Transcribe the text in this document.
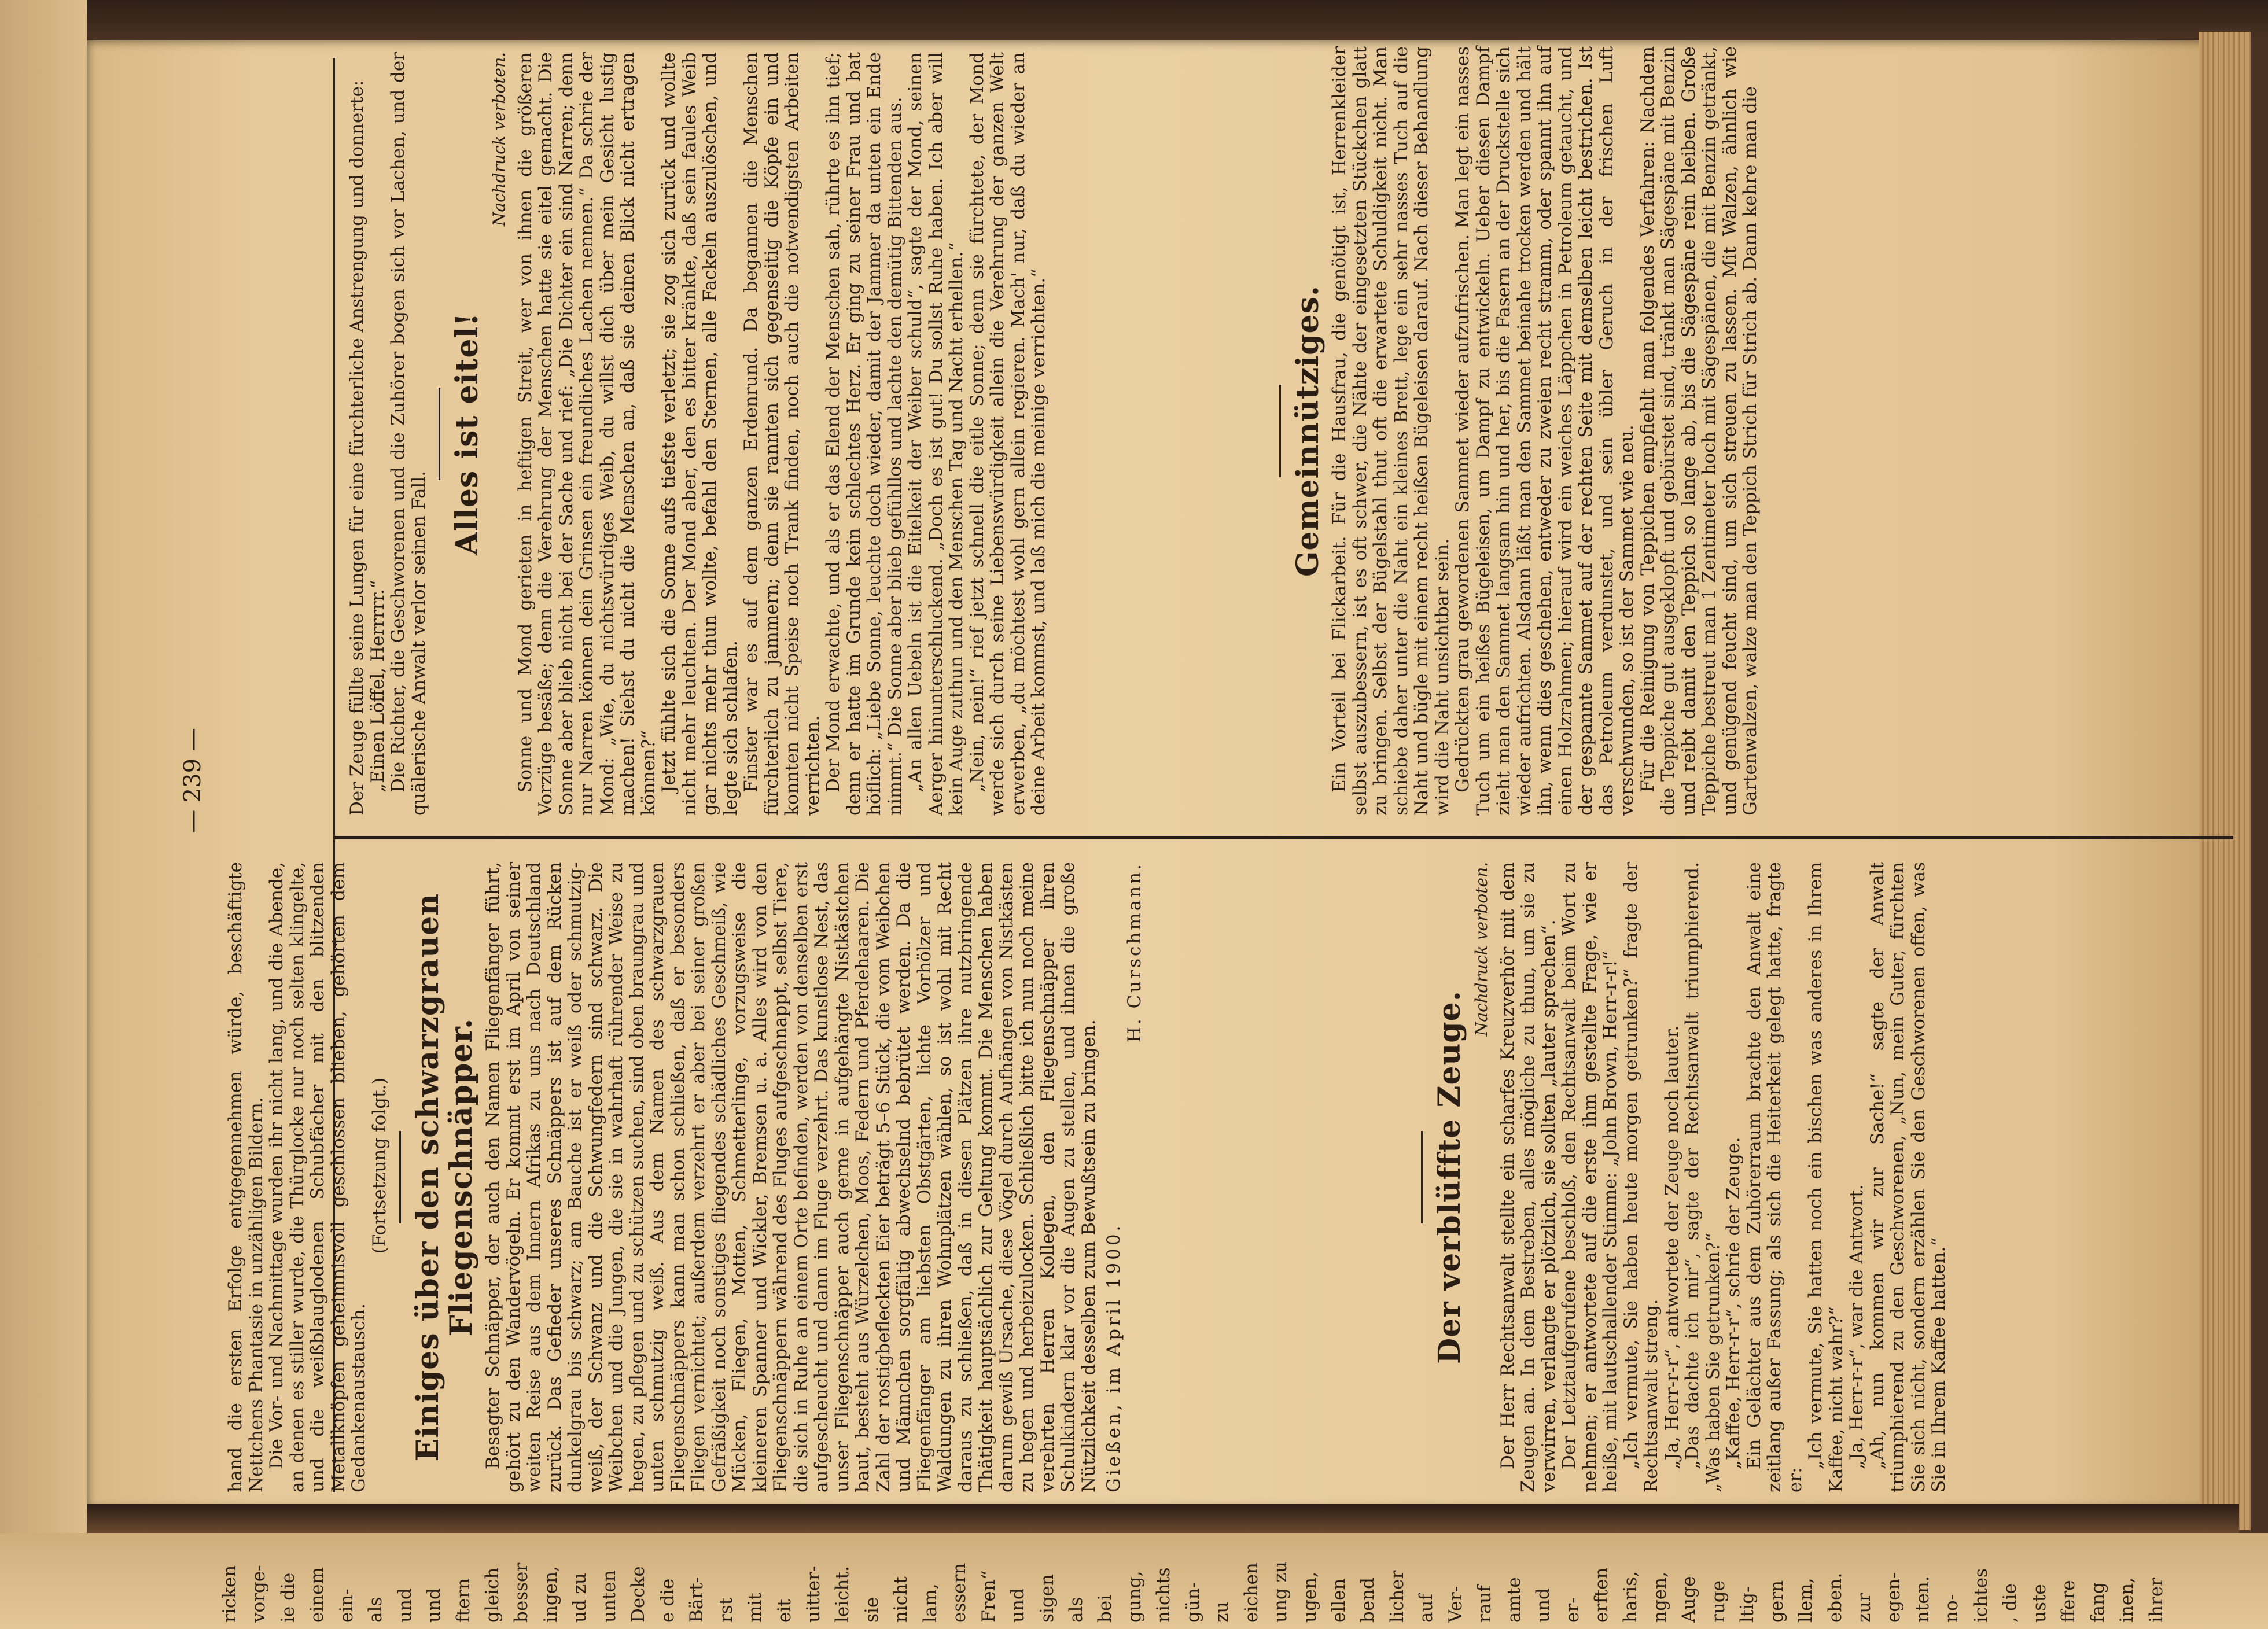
— 239 —	Der Zeuge füllte seine Lungen für eine fürchterliche Anstrengung und donnerte: „Einen Löffel, Herrrrr.“ Die Richter, die Geschworenen und die Zuhörer bogen sich vor Lachen, und der quälerische Anwalt verlor seinen Fall.

Alles ist eitel!
Nachdruck verboten. Sonne und Mond gerieten in heftigen Streit, wer von ihnen die größeren Vorzüge besäße; denn die Verehrung der Menschen hatte sie eitel gemacht. Die Sonne aber blieb nicht bei der Sache und rief: „Die Dichter ein sind Narren; denn nur Narren können dein Grinsen ein freundliches Lachen nennen.“ Da schrie der Mond: „Wie, du nichtswürdiges Weib, du willst dich über mein Gesicht lustig machen! Siehst du nicht die Menschen an, daß sie deinen Blick nicht ertragen können?“ Jetzt fühlte sich die Sonne aufs tiefste verletzt; sie zog sich zurück und wollte nicht mehr leuchten. Der Mond aber, den es bitter kränkte, daß sein faules Weib gar nichts mehr thun wollte, befahl den Sternen, alle Fackeln auszulöschen, und legte sich schlafen. Finster war es auf dem ganzen Erdenrund. Da begannen die Menschen fürchterlich zu jammern; denn sie rannten sich gegenseitig die Köpfe ein und konnten nicht Speise noch Trank finden, noch auch die notwendigsten Arbeiten verrichten. Der Mond erwachte, und als er das Elend der Menschen sah, rührte es ihn tief; denn er hatte im Grunde kein schlechtes Herz. Er ging zu seiner Frau und bat höflich: „Liebe Sonne, leuchte doch wieder, damit der Jammer da unten ein Ende nimmt.“ Die Sonne aber blieb gefühllos und lachte den demütig Bittenden aus. „An allen Uebeln ist die Eitelkeit der Weiber schuld“, sagte der Mond, seinen Aerger hinunterschluckend. „Doch es ist gut! Du sollst Ruhe haben. Ich aber will kein Auge zuthun und den Menschen Tag und Nacht erhellen.“ „Nein, nein!“ rief jetzt schnell die eitle Sonne; denn sie fürchtete, der Mond werde sich durch seine Liebenswürdigkeit allein die Verehrung der ganzen Welt erwerben, „du möchtest wohl gern allein regieren. Mach' nur, daß du wieder an deine Arbeit kommst, und laß mich die meinige verrichten.“	Gemeinnütziges. Ein Vorteil bei Flickarbeit. Für die Hausfrau, die genötigt ist, Herrenkleider selbst auszubessern, ist es oft schwer, die Nähte der eingesetzten Stückchen glatt zu bringen. Selbst der Bügelstahl thut oft die erwartete Schuldigkeit nicht. Man schiebe daher unter die Naht ein kleines Brett, lege ein sehr nasses Tuch auf die Naht und bügle mit einem recht heißen Bügeleisen darauf. Nach dieser Behandlung wird die Naht unsichtbar sein. Gedrückten grau gewordenen Sammet wieder aufzufrischen. Man legt ein nasses Tuch um ein heißes Bügeleisen, um Dampf zu entwickeln. Ueber diesen Dampf zieht man den Sammet langsam hin und her, bis die Fasern an der Druckstelle sich wieder aufrichten. Alsdann läßt man den Sammet beinahe trocken werden und hält ihn, wenn dies geschehen, entweder zu zweien recht stramm, oder spannt ihn auf einen Holzrahmen; hierauf wird ein weiches Läppchen in Petroleum getaucht, und der gespannte Sammet auf der rechten Seite mit demselben leicht bestrichen. Ist das Petroleum verdunstet, und sein übler Geruch in der frischen Luft verschwunden, so ist der Sammet wie neu. Für die Reinigung von Teppichen empfiehlt man folgendes Verfahren: Nachdem die Teppiche gut ausgeklopft und gebürstet sind, tränkt man Sägespäne mit Benzin und reibt damit den Teppich so lange ab, bis die Sägespäne rein bleiben. Große Teppiche bestreut man 1 Zentimeter hoch mit Sägespänen, die mit Benzin getränkt, und genügend feucht sind, um sich streuen zu lassen. Mit Walzen, ähnlich wie Gartenwalzen, walze man den Teppich Strich für Strich ab. Dann kehre man die

hand die ersten Erfolge entgegennehmen würde, beschäftigte Nettchens Phantasie in unzähligen Bildern. Die Vor- und Nachmittage wurden ihr nicht lang, und die Abende, an denen es stiller wurde, die Thürglocke nur noch selten klingelte, und die weißblauglodenen Schubfächer mit den blitzenden Metallknöpfen geheimnisvoll geschlossen blieben, gehörten dem Gedankenaustausch.

(Fortsetzung folgt.) Einiges über den schwarzgrauen Fliegenschnäpper. Besagter Schnäpper, der auch den Namen Fliegenfänger führt, gehört zu den Wandervögeln. Er kommt erst im April von seiner weiten Reise aus dem Innern Afrikas zu uns nach Deutschland zurück. Das Gefieder unseres Schnäppers ist auf dem Rücken dunkelgrau bis schwarz; am Bauche ist er weiß oder schmutzig-weiß, der Schwanz und die Schwungfedern sind schwarz. Die Weibchen und die Jungen, die sie in wahrhaft rührender Weise zu hegen, zu pflegen und zu schützen suchen, sind oben braungrau und unten schmutzig weiß. Aus dem Namen des schwarzgrauen Fliegenschnäppers kann man schon schließen, daß er besonders Fliegen vernichtet; außerdem verzehrt er aber bei seiner großen Gefräßigkeit noch sonstiges fliegendes schädliches Geschmeiß, wie Mücken, Fliegen, Motten, Schmetterlinge, vorzugsweise die kleineren Spanner und Wickler, Bremsen u. a. Alles wird von den Fliegenschnäppern während des Fluges aufgeschnappt, selbst Tiere, die sich in Ruhe an einem Orte befinden, werden von denselben erst aufgescheucht und dann im Fluge verzehrt. Das kunstlose Nest, das unser Fliegenschnäpper auch gerne in aufgehängte Nistkästchen baut, besteht aus Würzelchen, Moos, Federn und Pferdehaaren. Die Zahl der rostigbefleckten Eier beträgt 5–6 Stück, die vom Weibchen und Männchen sorgfältig abwechselnd bebrütet werden. Da die Fliegenfänger am liebsten Obstgärten, lichte Vorhölzer und Waldungen zu ihren Wohnplätzen wählen, so ist wohl mit Recht daraus zu schließen, daß in diesen Plätzen ihre nutzbringende Thätigkeit hauptsächlich zur Geltung kommt. Die Menschen haben darum gewiß Ursache, diese Vögel durch Aufhängen von Nistkästen zu hegen und herbeizulocken. Schließlich bitte ich nun noch meine verehrten Herren Kollegen, den Fliegenschnäpper ihren Schulkindern klar vor die Augen zu stellen, und ihnen die große Nützlichkeit desselben zum Bewußtsein zu bringen. Gießen, im April 1900.
H. Curschmann.
Der verblüffte Zeuge.
Nachdruck verboten. Der Herr Rechtsanwalt stellte ein scharfes Kreuzverhör mit dem Zeugen an. In dem Bestreben, alles mögliche zu thun, um sie zu verwirren, verlangte er plötzlich, sie sollten „lauter sprechen“. Der Letztaufgerufene beschloß, den Rechtsanwalt beim Wort zu nehmen; er antwortete auf die erste ihm gestellte Frage, wie er heiße, mit lautschallender Stimme: „John Brown, Herr-r-r!“ „Ich vermute, Sie haben heute morgen getrunken?“ fragte der Rechtsanwalt streng. „Ja, Herr-r-r“, antwortete der Zeuge noch lauter. „Das dachte ich mir“, sagte der Rechtsanwalt triumphierend. „Was haben Sie getrunken?“ „Kaffee, Herr-r-r“, schrie der Zeuge. Ein Gelächter aus dem Zuhörerraum brachte den Anwalt eine zeitlang außer Fassung; als sich die Heiterkeit gelegt hatte, fragte er:

„Ich vermute, Sie hatten noch ein bischen was anderes in Ihrem Kaffee, nicht wahr?“ „Ja, Herr-r-r“, war die Antwort. „Ah, nun kommen wir zur Sache!“ sagte der Anwalt triumphierend zu den Geschworenen, „Nun, mein Guter, fürchten Sie sich nicht, sondern erzählen Sie den Geschworenen offen, was Sie in Ihrem Kaffee hatten.“

ricken vorge- ie die einem ein- als und und ftern gleich besser ingen, ud zu unten Decke e die Bärt- rst mit eit uitter- leicht. sie nicht lam, essern Fren“ und sigen als bei gung, nichts gün- zu eichen ung zu ugen, ellen bend licher auf Ver- rauf amte und er- erften haris, ngen, Auge ruge ltig- gern llem, eben. zur egen- nten. no- ichtes , die uste ffere fang inen, ihrer
